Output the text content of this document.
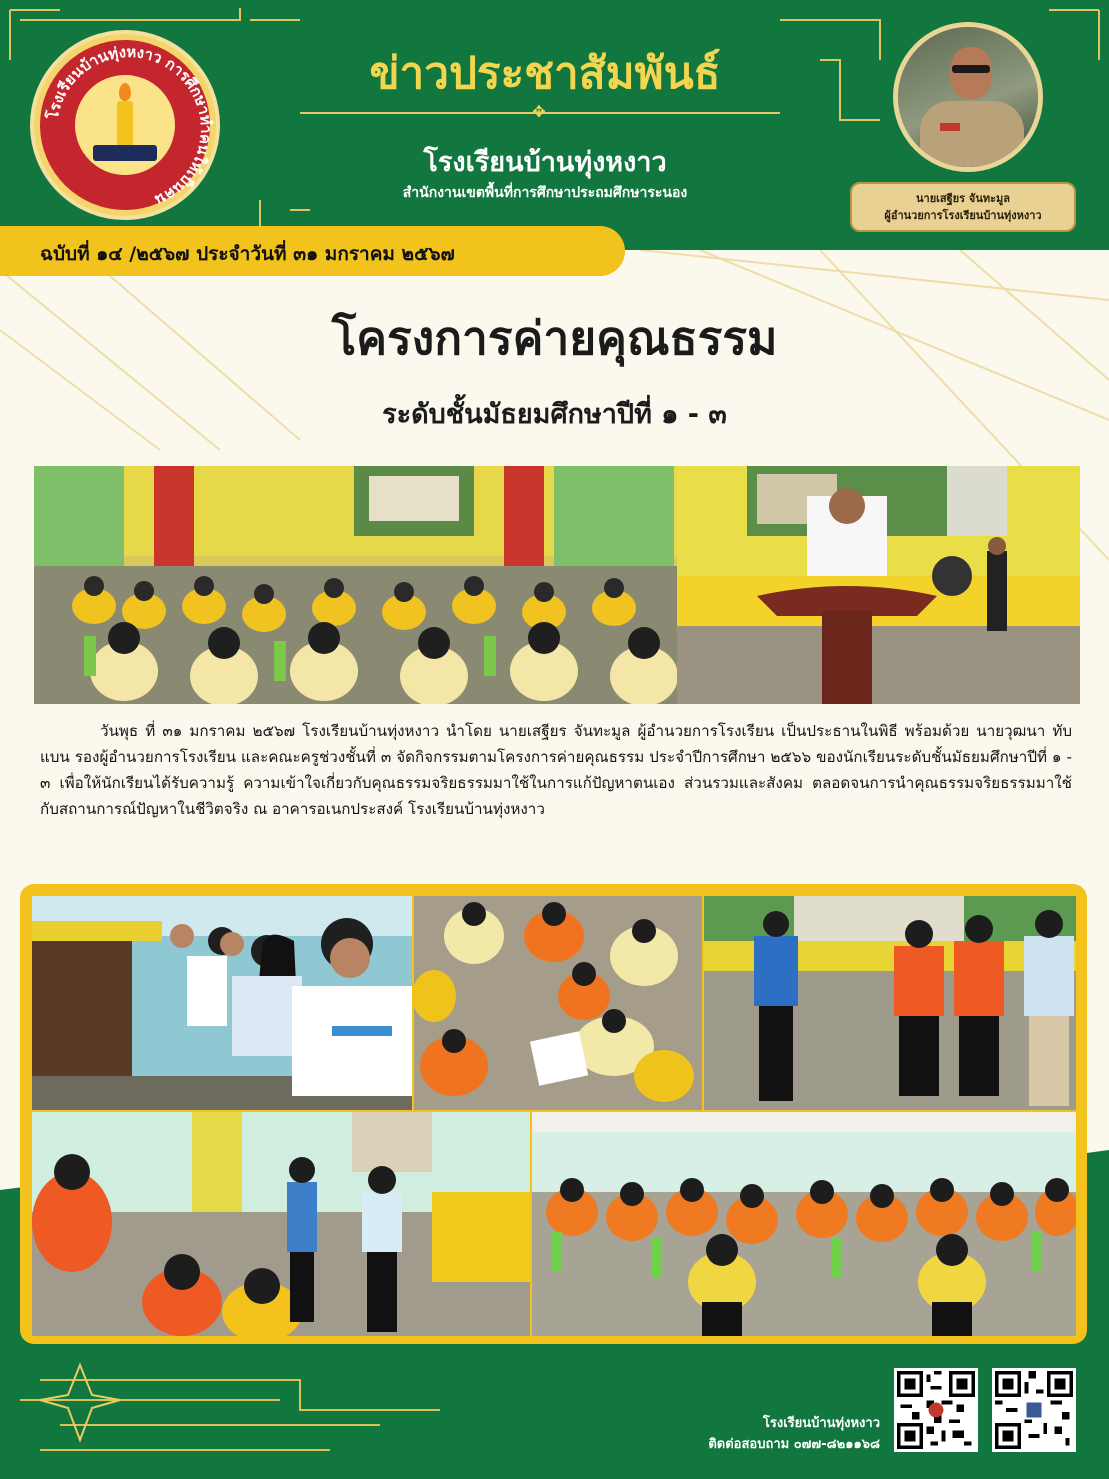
โรงเรียนบ้านทุ่งหงาว การศึกษาทำคนให้เป็นคน
ข่าวประชาสัมพันธ์
✥
โรงเรียนบ้านทุ่งหงาว
สำนักงานเขตพื้นที่การศึกษาประถมศึกษาระนอง	นายเสฐียร จันทะมูล
ผู้อำนวยการโรงเรียนบ้านทุ่งหงาว
ฉบับที่ ๑๔ /๒๕๖๗ ประจำวันที่ ๓๑ มกราคม ๒๕๖๗
โครงการค่ายคุณธรรม
ระดับชั้นมัธยมศึกษาปีที่ ๑ - ๓
วันพุธ ที่ ๓๑ มกราคม ๒๕๖๗ โรงเรียนบ้านทุ่งหงาว นำโดย นายเสฐียร จันทะมูล ผู้อำนวยการโรงเรียน เป็นประธานในพิธี พร้อมด้วย นายวุฒนา ทับแบน รองผู้อำนวยการโรงเรียน และคณะครูช่วงชั้นที่ ๓ จัดกิจกรรมตามโครงการค่ายคุณธรรม ประจำปีการศึกษา ๒๕๖๖ ของนักเรียนระดับชั้นมัธยมศึกษาปีที่ ๑ - ๓ เพื่อให้นักเรียนได้รับความรู้ ความเข้าใจเกี่ยวกับคุณธรรมจริยธรรมมาใช้ในการแก้ปัญหาตนเอง ส่วนรวมและสังคม ตลอดจนการนำคุณธรรมจริยธรรมมาใช้กับสถานการณ์ปัญหาในชีวิตจริง ณ อาคารอเนกประสงค์ โรงเรียนบ้านทุ่งหงาว
โรงเรียนบ้านทุ่งหงาว
ติดต่อสอบถาม ๐๗๗-๘๒๑๑๖๘
